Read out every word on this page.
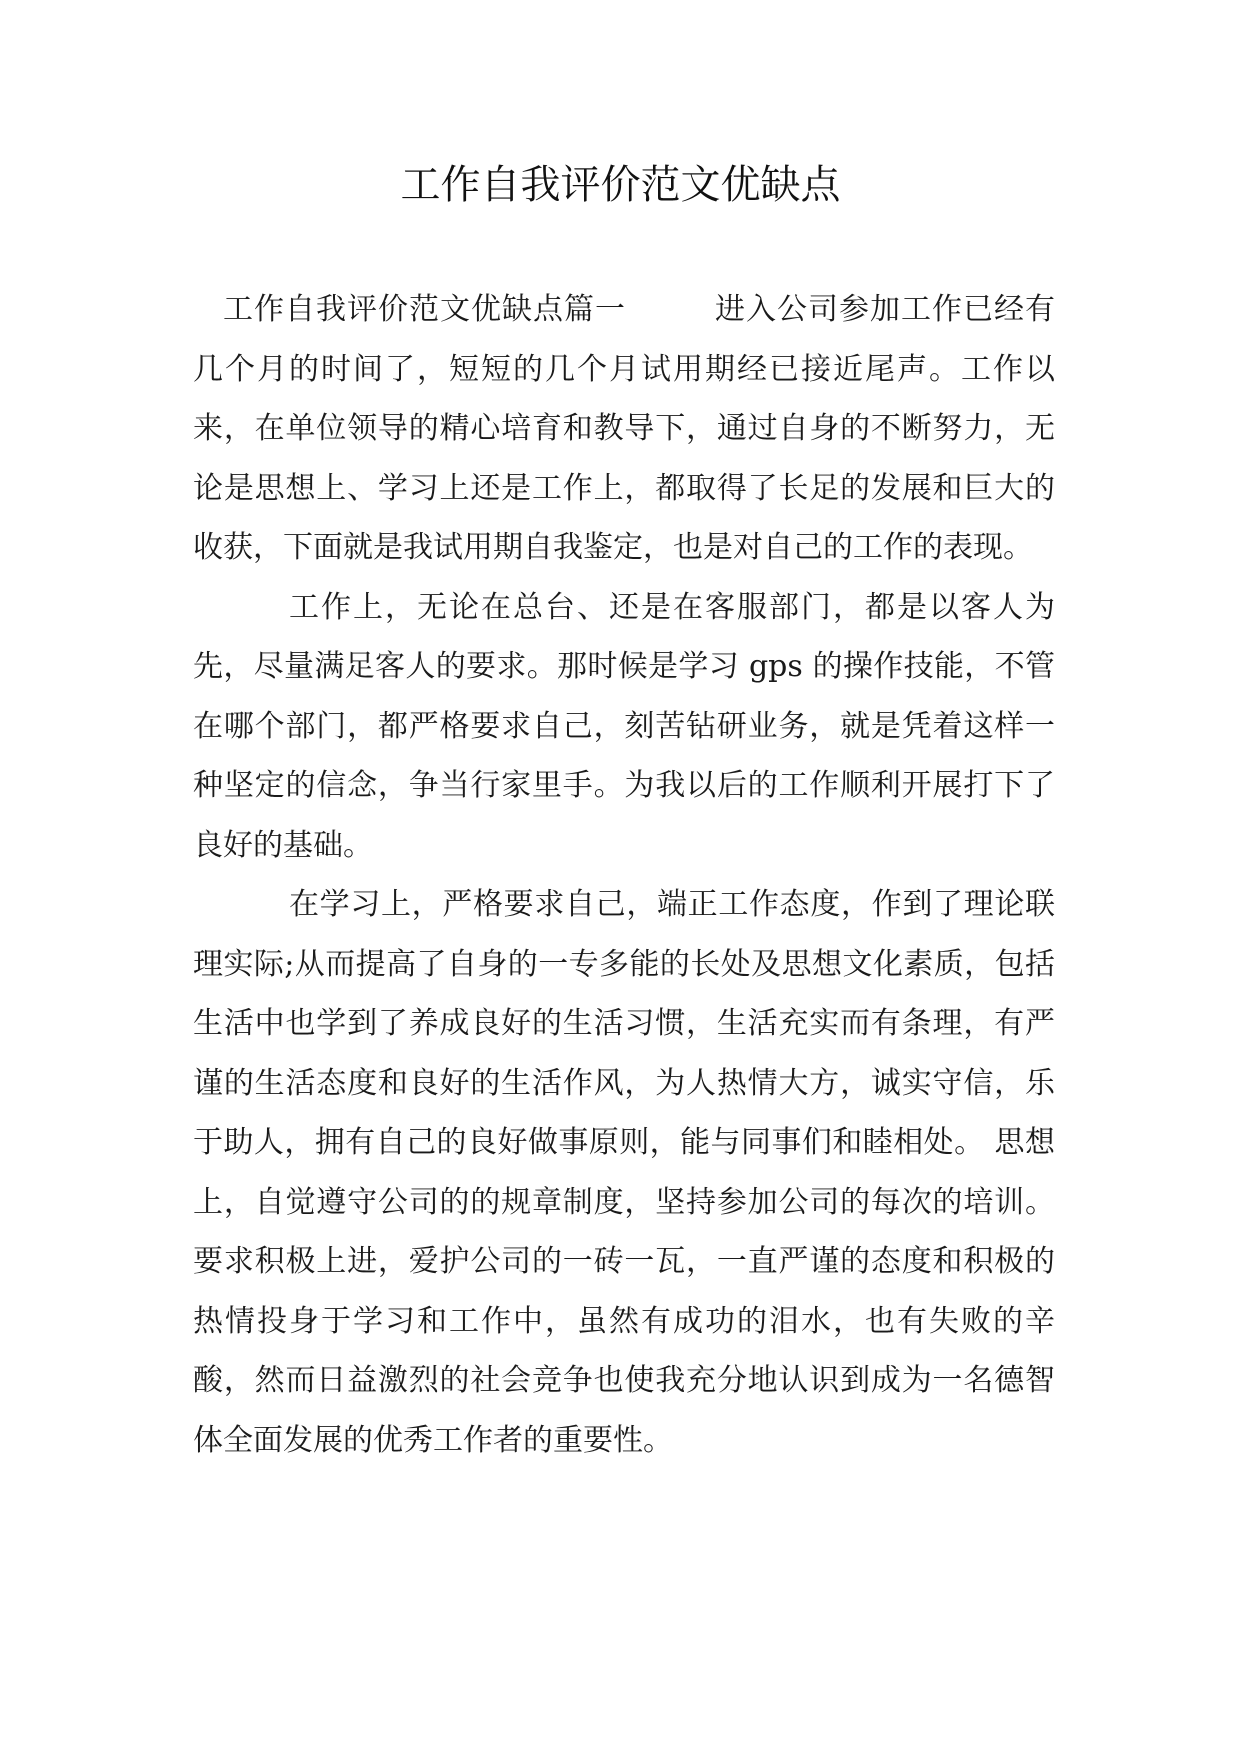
工作自我评价范文优缺点

工作自我评价范文优缺点篇一	进入公司参加工作已经有几个月的时间了，短短的几个月试用期经已接近尾声。工作以来，在单位领导的精心培育和教导下，通过自身的不断努力，无论是思想上、学习上还是工作上，都取得了长足的发展和巨大的收获，下面就是我试用期自我鉴定，也是对自己的工作的表现。

工作上，无论在总台、还是在客服部门，都是以客人为先，尽量满足客人的要求。那时候是学习 gps 的操作技能，不管在哪个部门，都严格要求自己，刻苦钻研业务，就是凭着这样一种坚定的信念，争当行家里手。为我以后的工作顺利开展打下了良好的基础。

在学习上，严格要求自己，端正工作态度，作到了理论联理实际;从而提高了自身的一专多能的长处及思想文化素质，包括生活中也学到了养成良好的生活习惯，生活充实而有条理，有严谨的生活态度和良好的生活作风，为人热情大方，诚实守信，乐于助人，拥有自己的良好做事原则，能与同事们和睦相处。 思想上，自觉遵守公司的的规章制度，坚持参加公司的每次的培训。要求积极上进，爱护公司的一砖一瓦，一直严谨的态度和积极的热情投身于学习和工作中，虽然有成功的泪水，也有失败的辛酸，然而日益激烈的社会竞争也使我充分地认识到成为一名德智体全面发展的优秀工作者的重要性。
